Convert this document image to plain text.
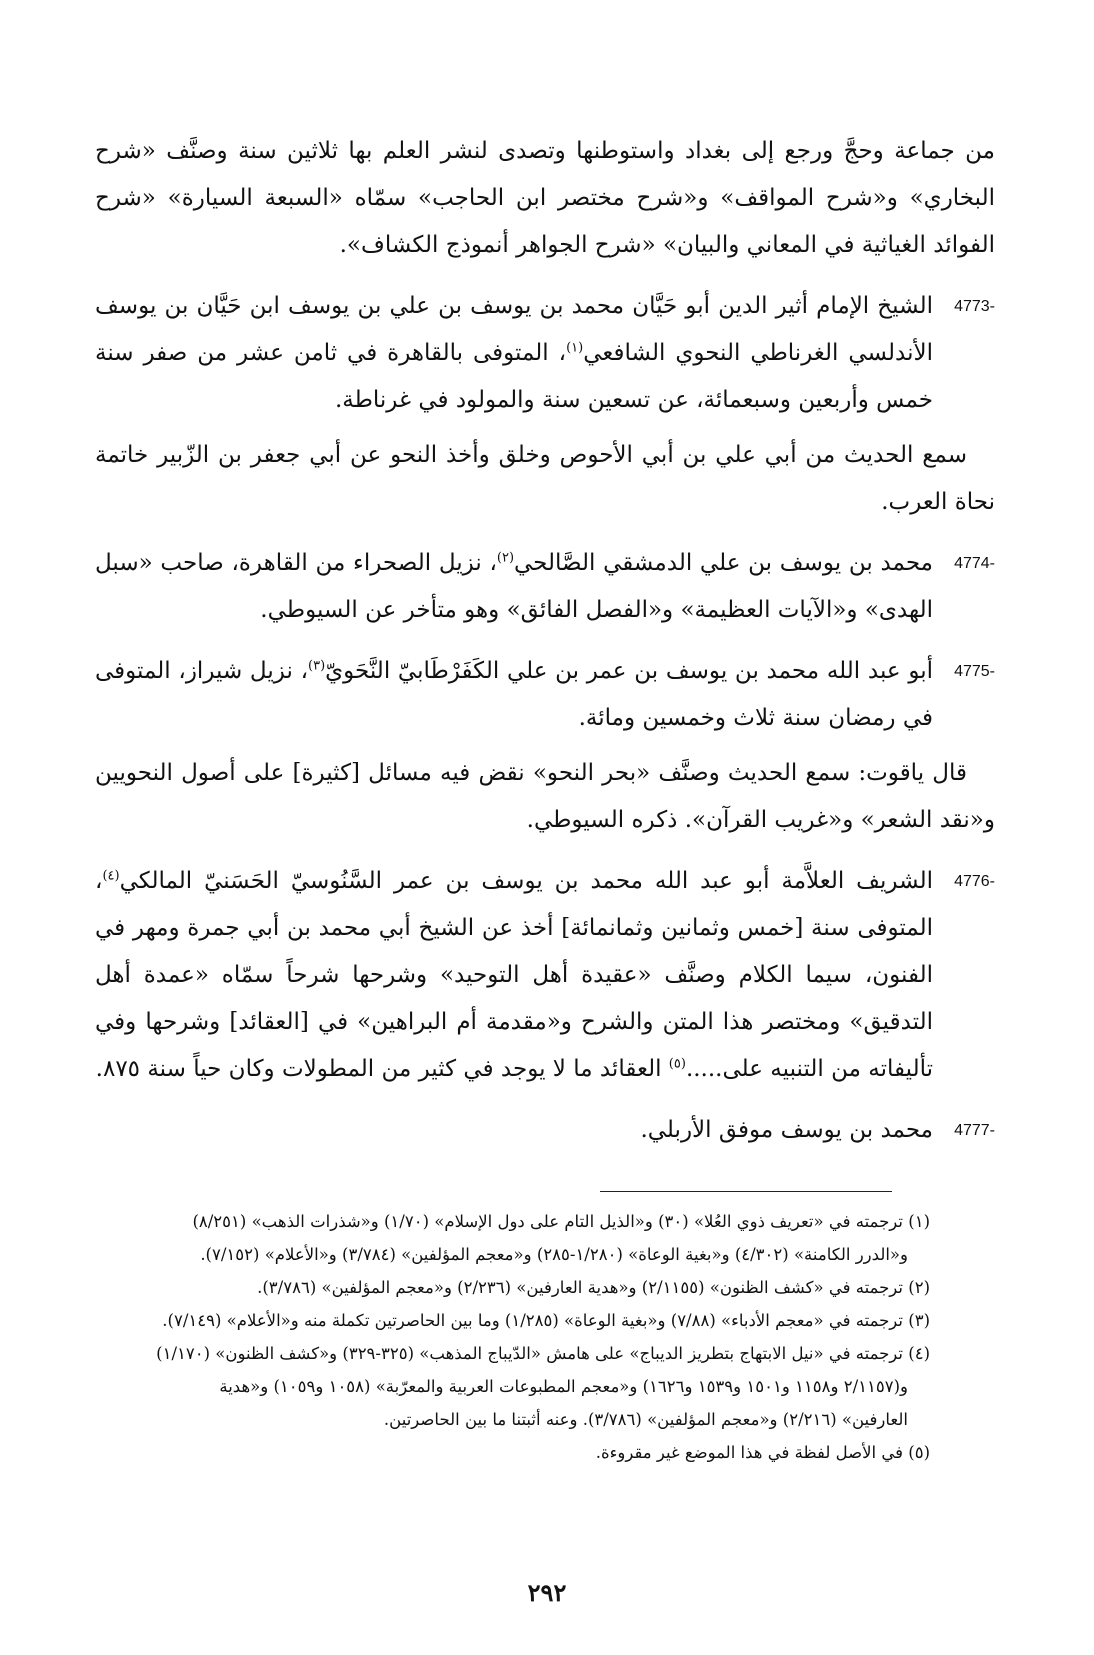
من جماعة وحجَّ ورجع إلى بغداد واستوطنها وتصدى لنشر العلم بها ثلاثين سنة وصنَّف «شرح البخاري» و«شرح المواقف» و«شرح مختصر ابن الحاجب» سمّاه «السبعة السيارة» «شرح الفوائد الغياثية في المعاني والبيان» «شرح الجواهر أنموذج الكشاف».

4773-

الشيخ الإمام أثير الدين أبو حَيَّان محمد بن يوسف بن علي بن يوسف ابن حَيَّان بن يوسف الأندلسي الغرناطي النحوي الشافعي$^{(١)}$، المتوفى بالقاهرة في ثامن عشر من صفر سنة خمس وأربعين وسبعمائة، عن تسعين سنة والمولود في غرناطة.

سمع الحديث من أبي علي بن أبي الأحوص وخلق وأخذ النحو عن أبي جعفر بن الزّبير خاتمة نحاة العرب.

4774-

محمد بن يوسف بن علي الدمشقي الصَّالحي$^{(٢)}$، نزيل الصحراء من القاهرة، صاحب «سبل الهدى» و«الآيات العظيمة» و«الفصل الفائق» وهو متأخر عن السيوطي.

4775-

أبو عبد الله محمد بن يوسف بن عمر بن علي الكَفَرْطَابيّ النَّحَويّ$^{(٣)}$، نزيل شيراز، المتوفى في رمضان سنة ثلاث وخمسين ومائة.

قال ياقوت: سمع الحديث وصنَّف «بحر النحو» نقض فيه مسائل [كثيرة] على أصول النحويين و«نقد الشعر» و«غريب القرآن». ذكره السيوطي.

4776-

الشريف العلاَّمة أبو عبد الله محمد بن يوسف بن عمر السَّنُوسيّ الحَسَنيّ المالكي$^{(٤)}$، المتوفى سنة [خمس وثمانين وثمانمائة] أخذ عن الشيخ أبي محمد بن أبي جمرة ومهر في الفنون، سيما الكلام وصنَّف «عقيدة أهل التوحيد» وشرحها شرحاً سمّاه «عمدة أهل التدقيق» ومختصر هذا المتن والشرح و«مقدمة أم البراهين» في [العقائد] وشرحها وفي تأليفاته من التنبيه على.....$^{(٥)}$ العقائد ما لا يوجد في كثير من المطولات وكان حياً سنة ٨٧٥.

4777-

محمد بن يوسف موفق الأربلي.

(١) ترجمته في «تعريف ذوي العُلا» (٣٠) و«الذيل التام على دول الإسلام» (١/٧٠) و«شذرات الذهب» (٨/٢٥١)

و«الدرر الكامنة» (٤/٣٠٢) و«بغية الوعاة» (١/٢٨٠-٢٨٥) و«معجم المؤلفين» (٣/٧٨٤) و«الأعلام» (٧/١٥٢).

(٢) ترجمته في «كشف الظنون» (٢/١١٥٥) و«هدية العارفين» (٢/٢٣٦) و«معجم المؤلفين» (٣/٧٨٦).

(٣) ترجمته في «معجم الأدباء» (٧/٨٨) و«بغية الوعاة» (١/٢٨٥) وما بين الحاصرتين تكملة منه و«الأعلام» (٧/١٤٩).

(٤) ترجمته في «نيل الابتهاج بتطريز الديباج» على هامش «الدّيباج المذهب» (٣٢٥-٣٢٩) و«كشف الظنون» (١/١٧٠)

و(٢/١١٥٧ و١١٥٨ و١٥٠١ و١٥٣٩ و١٦٢٦) و«معجم المطبوعات العربية والمعرّبة» (١٠٥٨ و١٠٥٩) و«هدية

العارفين» (٢/٢١٦) و«معجم المؤلفين» (٣/٧٨٦). وعنه أثبتنا ما بين الحاصرتين.

(٥) في الأصل لفظة في هذا الموضع غير مقروءة.

٢٩٢
